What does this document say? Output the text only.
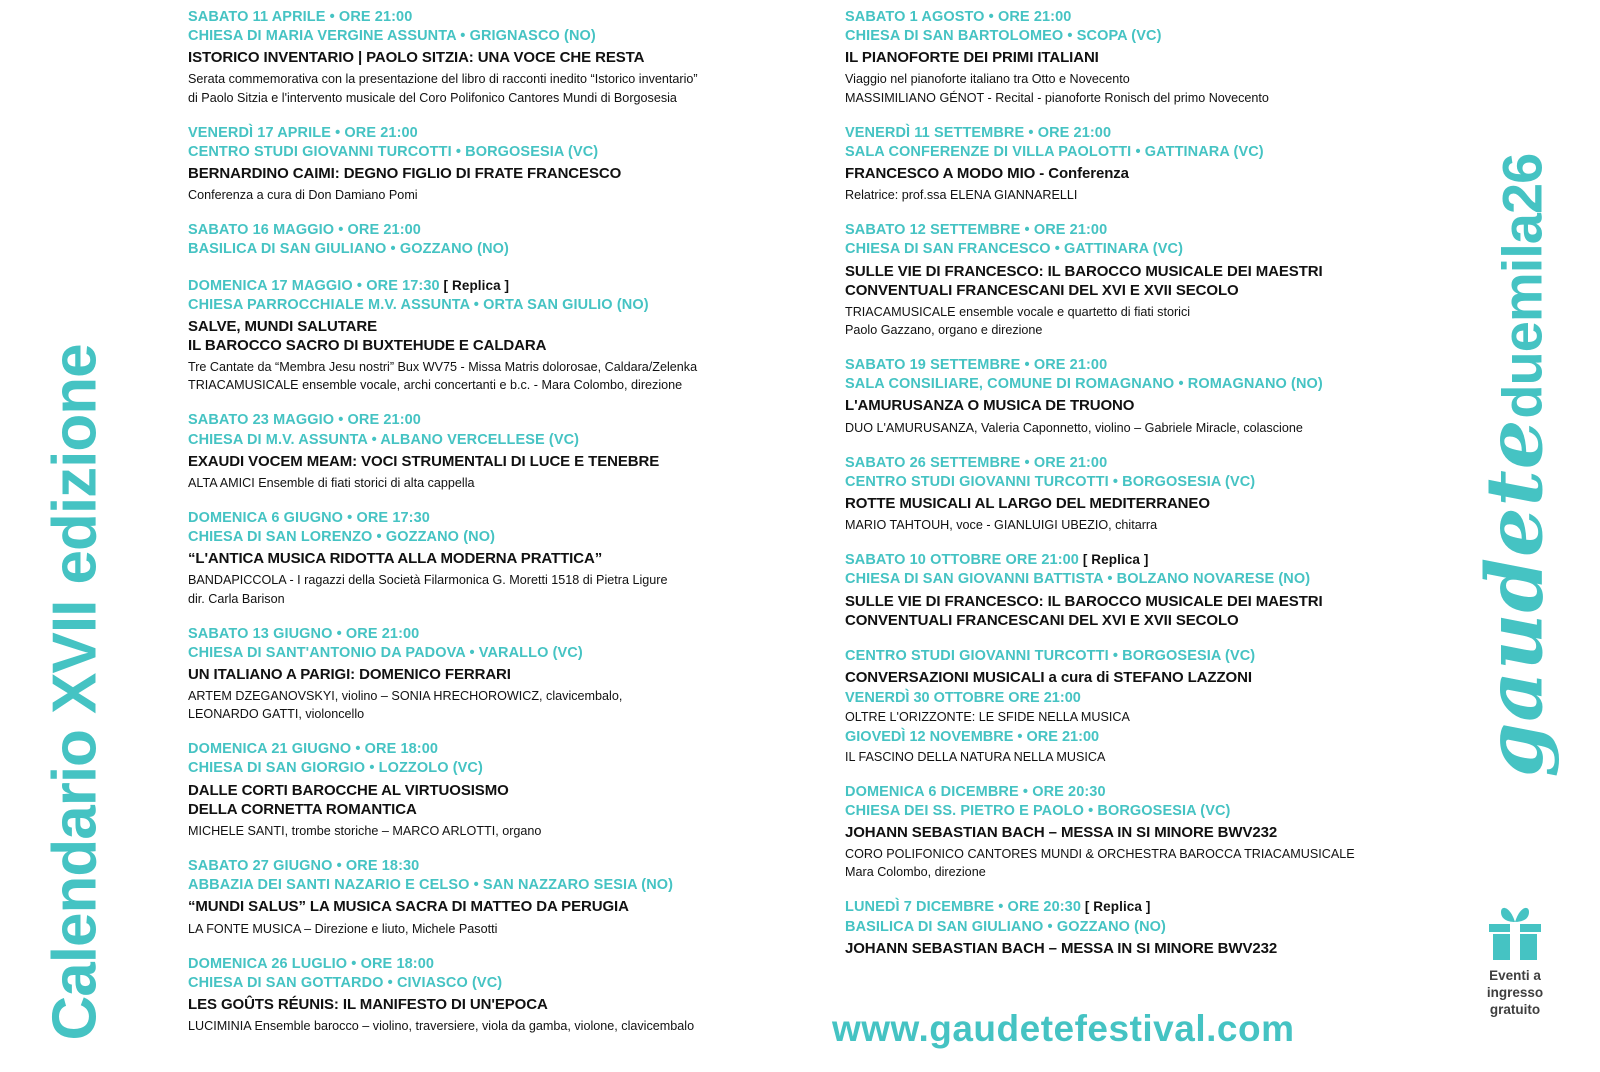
Calendario XVII edizione
SABATO 11 APRILE • ORE 21:00
CHIESA DI MARIA VERGINE ASSUNTA • GRIGNASCO (NO)
ISTORICO INVENTARIO | PAOLO SITZIA: UNA VOCE CHE RESTA
Serata commemorativa con la presentazione del libro di racconti inedito “Istorico inventario”
di Paolo Sitzia e l'intervento musicale del Coro Polifonico Cantores Mundi di Borgosesia
VENERDÌ 17 APRILE • ORE 21:00
CENTRO STUDI GIOVANNI TURCOTTI • BORGOSESIA (VC)
BERNARDINO CAIMI: DEGNO FIGLIO DI FRATE FRANCESCO
Conferenza a cura di Don Damiano Pomi
SABATO 16 MAGGIO • ORE 21:00
BASILICA DI SAN GIULIANO • GOZZANO (NO)
DOMENICA 17 MAGGIO • ORE 17:30 [ Replica ]
CHIESA PARROCCHIALE M.V. ASSUNTA • ORTA SAN GIULIO (NO)
SALVE, MUNDI SALUTARE
IL BAROCCO SACRO DI BUXTEHUDE E CALDARA
Tre Cantate da “Membra Jesu nostri” Bux WV75 - Missa Matris dolorosae, Caldara/Zelenka
TRIACAMUSICALE ensemble vocale, archi concertanti e b.c. - Mara Colombo, direzione
SABATO 23 MAGGIO • ORE 21:00
CHIESA DI M.V. ASSUNTA • ALBANO VERCELLESE (VC)
EXAUDI VOCEM MEAM: VOCI STRUMENTALI DI LUCE E TENEBRE
ALTA AMICI Ensemble di fiati storici di alta cappella
DOMENICA 6 GIUGNO • ORE 17:30
CHIESA DI SAN LORENZO • GOZZANO (NO)
“L'ANTICA MUSICA RIDOTTA ALLA MODERNA PRATTICA”
BANDAPICCOLA - I ragazzi della Società Filarmonica G. Moretti 1518 di Pietra Ligure
dir. Carla Barison
SABATO 13 GIUGNO • ORE 21:00
CHIESA DI SANT'ANTONIO DA PADOVA • VARALLO (VC)
UN ITALIANO A PARIGI: DOMENICO FERRARI
ARTEM DZEGANOVSKYI, violino – SONIA HRECHOROWICZ, clavicembalo,
LEONARDO GATTI, violoncello
DOMENICA 21 GIUGNO • ORE 18:00
CHIESA DI SAN GIORGIO • LOZZOLO (VC)
DALLE CORTI BAROCCHE AL VIRTUOSISMO
DELLA CORNETTA ROMANTICA
MICHELE SANTI, trombe storiche – MARCO ARLOTTI, organo
SABATO 27 GIUGNO • ORE 18:30
ABBAZIA DEI SANTI NAZARIO E CELSO • SAN NAZZARO SESIA (NO)
“MUNDI SALUS” LA MUSICA SACRA DI MATTEO DA PERUGIA
LA FONTE MUSICA – Direzione e liuto, Michele Pasotti
DOMENICA 26 LUGLIO • ORE 18:00
CHIESA DI SAN GOTTARDO • CIVIASCO (VC)
LES GOÛTS RÉUNIS: IL MANIFESTO DI UN'EPOCA
LUCIMINIA Ensemble barocco – violino, traversiere, viola da gamba, violone, clavicembalo
SABATO 1 AGOSTO • ORE 21:00
CHIESA DI SAN BARTOLOMEO • SCOPA (VC)
IL PIANOFORTE DEI PRIMI ITALIANI
Viaggio nel pianoforte italiano tra Otto e Novecento
MASSIMILIANO GÉNOT - Recital - pianoforte Ronisch del primo Novecento
VENERDÌ 11 SETTEMBRE • ORE 21:00
SALA CONFERENZE DI VILLA PAOLOTTI • GATTINARA (VC)
FRANCESCO A MODO MIO - Conferenza
Relatrice: prof.ssa ELENA GIANNARELLI
SABATO 12 SETTEMBRE • ORE 21:00
CHIESA DI SAN FRANCESCO • GATTINARA (VC)
SULLE VIE DI FRANCESCO: IL BAROCCO MUSICALE DEI MAESTRI
CONVENTUALI FRANCESCANI DEL XVI E XVII SECOLO
TRIACAMUSICALE ensemble vocale e quartetto di fiati storici
Paolo Gazzano, organo e direzione
SABATO 19 SETTEMBRE • ORE 21:00
SALA CONSILIARE, COMUNE DI ROMAGNANO • ROMAGNANO (NO)
L'AMURUSANZA O MUSICA DE TRUONO
DUO L'AMURUSANZA, Valeria Caponnetto, violino – Gabriele Miracle, colascione
SABATO 26 SETTEMBRE • ORE 21:00
CENTRO STUDI GIOVANNI TURCOTTI • BORGOSESIA (VC)
ROTTE MUSICALI AL LARGO DEL MEDITERRANEO
MARIO TAHTOUH, voce - GIANLUIGI UBEZIO, chitarra
SABATO 10 OTTOBRE ORE 21:00 [ Replica ]
CHIESA DI SAN GIOVANNI BATTISTA • BOLZANO NOVARESE (NO)
SULLE VIE DI FRANCESCO: IL BAROCCO MUSICALE DEI MAESTRI
CONVENTUALI FRANCESCANI DEL XVI E XVII SECOLO
CENTRO STUDI GIOVANNI TURCOTTI • BORGOSESIA (VC)
CONVERSAZIONI MUSICALI a cura di STEFANO LAZZONI
VENERDÌ 30 OTTOBRE ORE 21:00
OLTRE L'ORIZZONTE: LE SFIDE NELLA MUSICA
GIOVEDÌ 12 NOVEMBRE • ORE 21:00
IL FASCINO DELLA NATURA NELLA MUSICA
DOMENICA 6 DICEMBRE • ORE 20:30
CHIESA DEI SS. PIETRO E PAOLO • BORGOSESIA (VC)
JOHANN SEBASTIAN BACH – MESSA IN SI MINORE BWV232
CORO POLIFONICO CANTORES MUNDI & ORCHESTRA BAROCCA TRIACAMUSICALE
Mara Colombo, direzione
LUNEDÌ 7 DICEMBRE • ORE 20:30 [ Replica ]
BASILICA DI SAN GIULIANO • GOZZANO (NO)
JOHANN SEBASTIAN BACH – MESSA IN SI MINORE BWV232
gaudeteduemila26
www.gaudetefestival.com
Eventi a
ingresso
gratuito
